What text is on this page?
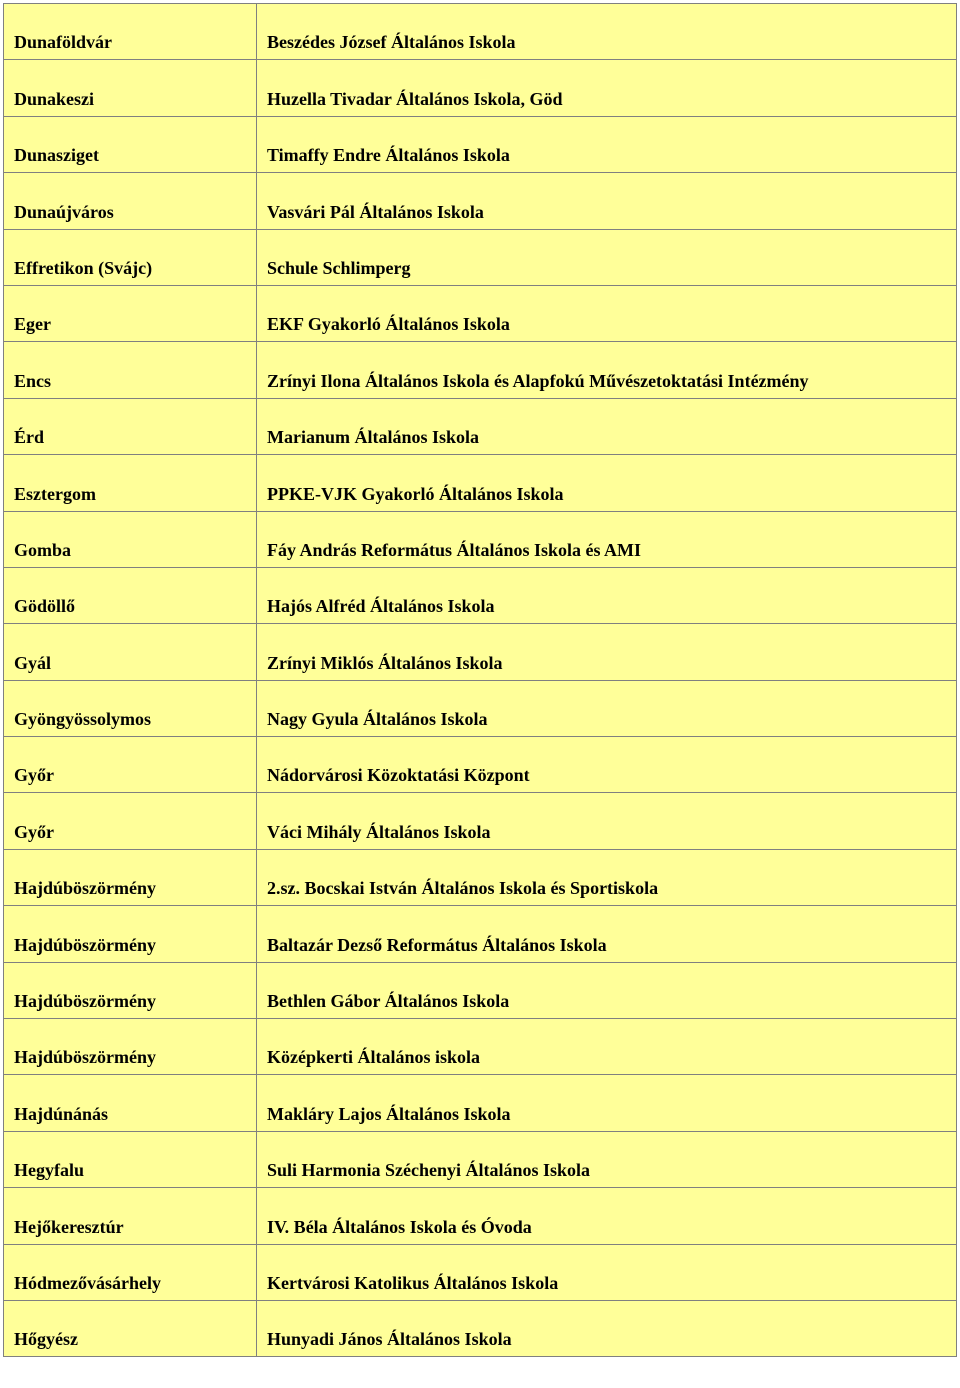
Dunaföldvár	Beszédes József Általános Iskola
Dunakeszi	Huzella Tivadar Általános Iskola, Göd
Dunasziget	Timaffy Endre Általános Iskola
Dunaújváros	Vasvári Pál Általános Iskola
Effretikon (Svájc)	Schule Schlimperg
Eger	EKF Gyakorló Általános Iskola
Encs	Zrínyi Ilona Általános Iskola és Alapfokú Művészetoktatási Intézmény
Érd	Marianum Általános Iskola
Esztergom	PPKE-VJK Gyakorló Általános Iskola
Gomba	Fáy András Református Általános Iskola és AMI
Gödöllő	Hajós Alfréd Általános Iskola
Gyál	Zrínyi Miklós Általános Iskola
Gyöngyössolymos	Nagy Gyula Általános Iskola
Győr	Nádorvárosi Közoktatási Központ
Győr	Váci Mihály Általános Iskola
Hajdúböszörmény	2.sz. Bocskai István Általános Iskola és Sportiskola
Hajdúböszörmény	Baltazár Dezső Református Általános Iskola
Hajdúböszörmény	Bethlen Gábor Általános Iskola
Hajdúböszörmény	Középkerti Általános iskola
Hajdúnánás	Makláry Lajos Általános Iskola
Hegyfalu	Suli Harmonia Széchenyi Általános Iskola
Hejőkeresztúr	IV. Béla Általános Iskola és Óvoda
Hódmezővásárhely	Kertvárosi Katolikus Általános Iskola
Hőgyész	Hunyadi János Általános Iskola
